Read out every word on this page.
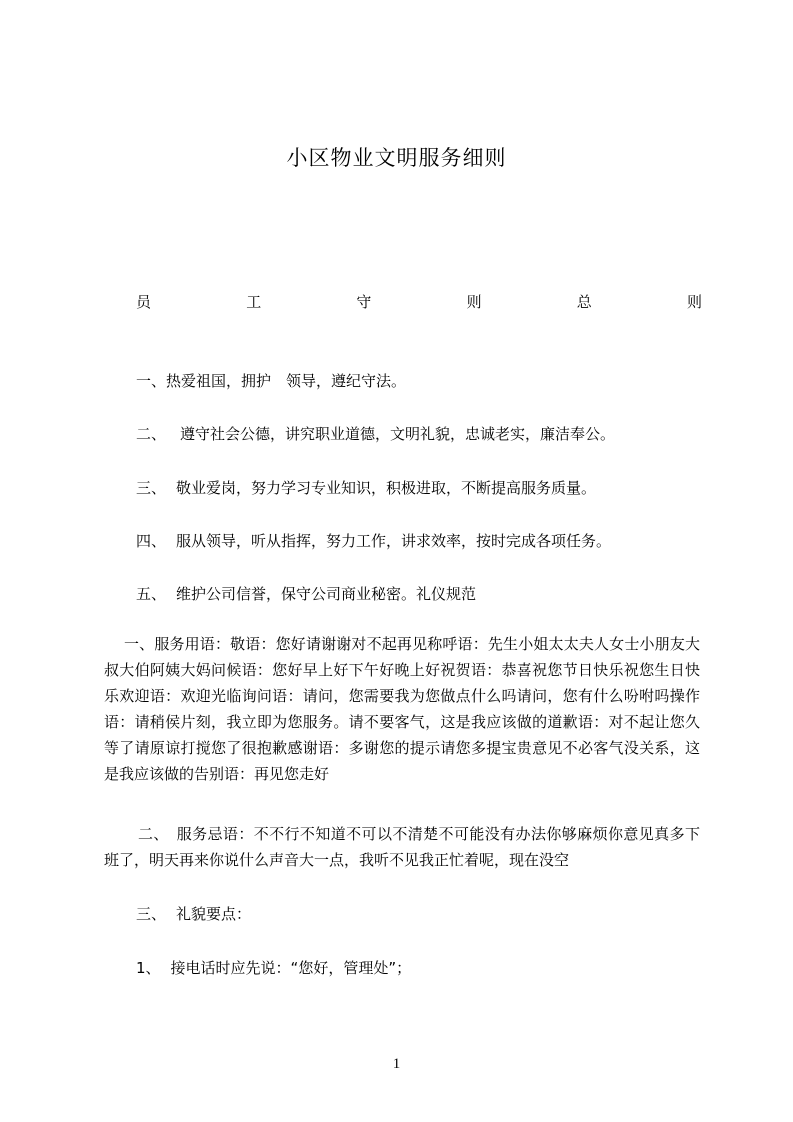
小区物业文明服务细则
员	工	守	则	总	则
一、热爱祖国，拥护　领导，遵纪守法。
二、 遵守社会公德，讲究职业道德，文明礼貌，忠诚老实，廉洁奉公。
三、 敬业爱岗，努力学习专业知识，积极进取，不断提高服务质量。
四、 服从领导，听从指挥，努力工作，讲求效率，按时完成各项任务。
五、 维护公司信誉，保守公司商业秘密。礼仪规范
一、服务用语：敬语：您好请谢谢对不起再见称呼语：先生小姐太太夫人女士小朋友大叔大伯阿姨大妈问候语：您好早上好下午好晚上好祝贺语：恭喜祝您节日快乐祝您生日快乐欢迎语：欢迎光临询问语：请问，您需要我为您做点什么吗请问，您有什么吩咐吗操作语：请稍侯片刻，我立即为您服务。请不要客气，这是我应该做的道歉语：对不起让您久等了请原谅打搅您了很抱歉感谢语：多谢您的提示请您多提宝贵意见不必客气没关系，这是我应该做的告别语：再见您走好
二、　服务忌语：不不行不知道不可以不清楚不可能没有办法你够麻烦你意见真多下班了，明天再来你说什么声音大一点，我听不见我正忙着呢，现在没空
三、 礼貌要点：
1、 接电话时应先说：“您好，管理处”；
1
